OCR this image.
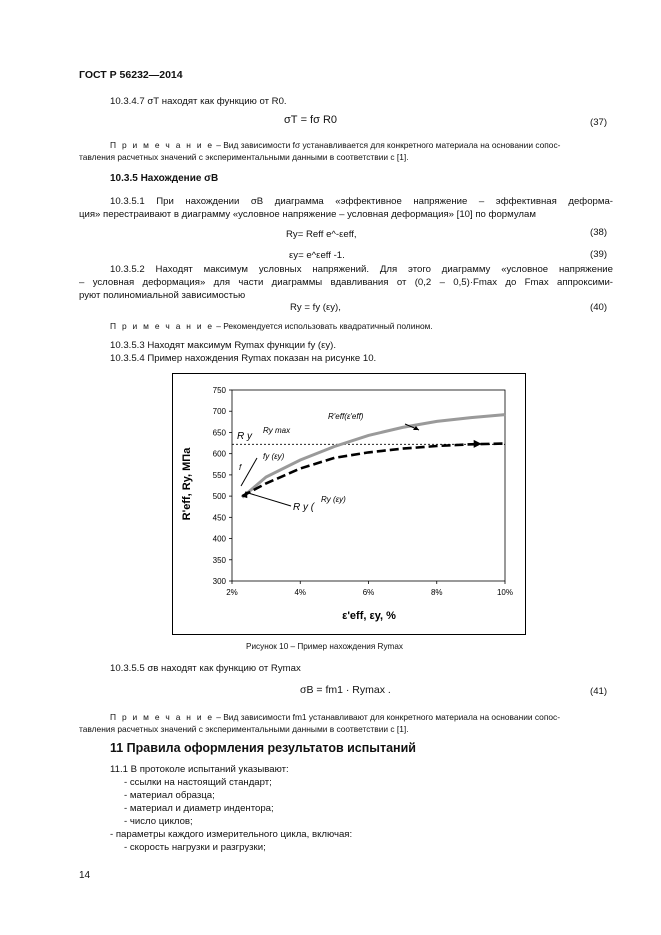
ГОСТ Р 56232—2014
10.3.4.7 σТ находят как функцию от R0.
σТ = fσ R0	(37)
П р и м е ч а н и е – Вид зависимости fσ устанавливается для конкретного материала на основании сопос-
тавления расчетных значений с экспериментальными данными в соответствии с [1].
10.3.5 Нахождение σВ
10.3.5.1 При нахождении σВ диаграмма «эффективное напряжение – эффективная деформа-
ция» перестраивают в диаграмму «условное напряжение – условная деформация» [10] по формулам
Ry= Reff e^-εeff,	(38)
εy= e^εeff -1.	(39)
10.3.5.2 Находят максимум условных напряжений. Для этого диаграмму «условное напряжение
– условная деформация» для части диаграммы вдавливания от (0,2 – 0,5)·Fmax до Fmax аппроксими-
руют полиномиальной зависимостью
Ry = fy (εy),	(40)
П р и м е ч а н и е – Рекомендуется использовать квадратичный полином.
10.3.5.3 Находят максимум Rymax функции fy (εy).
10.3.5.4 Пример нахождения Rymax показан на рисунке 10.
300
350
400
450
500
550
600
650
700
750
2%	4%	6%	8%	10%
R'eff, Ry, МПа
ε'eff, εy, %
R'eff(ε'eff)
R y
Ry max
fy (εy)
f
R y (
Ry (εy)
Рисунок 10 – Пример нахождения Rymax
10.3.5.5 σв находят как функцию от Rymax
σВ = fm1 · Rymax .	(41)
П р и м е ч а н и е – Вид зависимости fm1 устанавливают для конкретного материала на основании сопос-
тавления расчетных значений с экспериментальными данными в соответствии с [1].
11 Правила оформления результатов испытаний
11.1 В протоколе испытаний указывают:
- ссылки на настоящий стандарт;
- материал образца;
- материал и диаметр индентора;
- число циклов;
- параметры каждого измерительного цикла, включая:
- скорость нагрузки и разгрузки;
14
